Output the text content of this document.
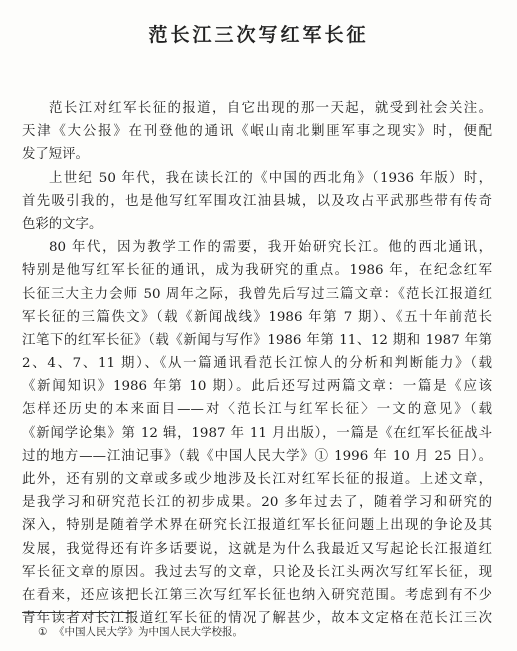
范长江三次写红军长征
范长江对红军长征的报道，自它出现的那一天起，就受到社会关注。
天津《大公报》在刊登他的通讯《岷山南北剿匪军事之现实》时，便配
发了短评。
上世纪 50 年代，我在读长江的《中国的西北角》（1936 年版）时，
首先吸引我的，也是他写红军围攻江油县城，以及攻占平武那些带有传奇
色彩的文字。
80 年代，因为教学工作的需要，我开始研究长江。他的西北通讯，
特别是他写红军长征的通讯，成为我研究的重点。1986 年，在纪念红军
长征三大主力会师 50 周年之际，我曾先后写过三篇文章：《范长江报道红
军长征的三篇佚文》（载《新闻战线》1986 年第 7 期）、《五十年前范长
江笔下的红军长征》（载《新闻与写作》1986 年第 11、12 期和 1987 年第
2、4、7、11 期）、《从一篇通讯看范长江惊人的分析和判断能力》（载
《新闻知识》1986 年第 10 期）。此后还写过两篇文章：一篇是《应该
怎样还历史的本来面目——对〈范长江与红军长征〉一文的意见》（载
《新闻学论集》第 12 辑，1987 年 11 月出版），一篇是《在红军长征战斗
过的地方——江油记事》（载《中国人民大学》① 1996 年 10 月 25 日）。
此外，还有别的文章或多或少地涉及长江对红军长征的报道。上述文章，
是我学习和研究范长江的初步成果。20 多年过去了，随着学习和研究的
深入，特别是随着学术界在研究长江报道红军长征问题上出现的争论及其
发展，我觉得还有许多话要说，这就是为什么我最近又写起论长江报道红
军长征文章的原因。我过去写的文章，只论及长江头两次写红军长征，现
在看来，还应该把长江第三次写红军长征也纳入研究范围。考虑到有不少
青年读者对长江报道红军长征的情况了解甚少，故本文定格在范长江三次
① 《中国人民大学》为中国人民大学校报。
